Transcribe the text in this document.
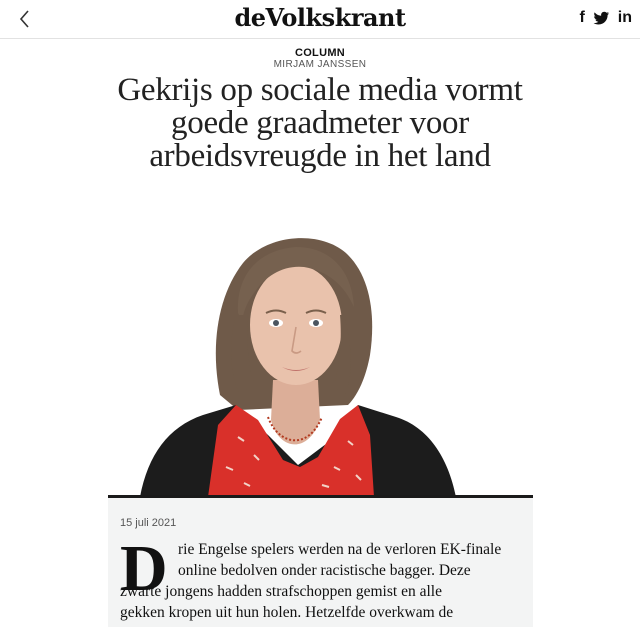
deVolkskrant	f in
COLUMN
MIRJAM JANSSEN
Gekrijs op sociale media vormt goede graadmeter voor arbeidsvreugde in het land
15 juli 2021
D rie Engelse spelers werden na de verloren EK-finale
online bedolven onder racistische bagger. Deze
zwarte jongens hadden strafschoppen gemist en alle
gekken kropen uit hun holen. Hetzelfde overkwam de
